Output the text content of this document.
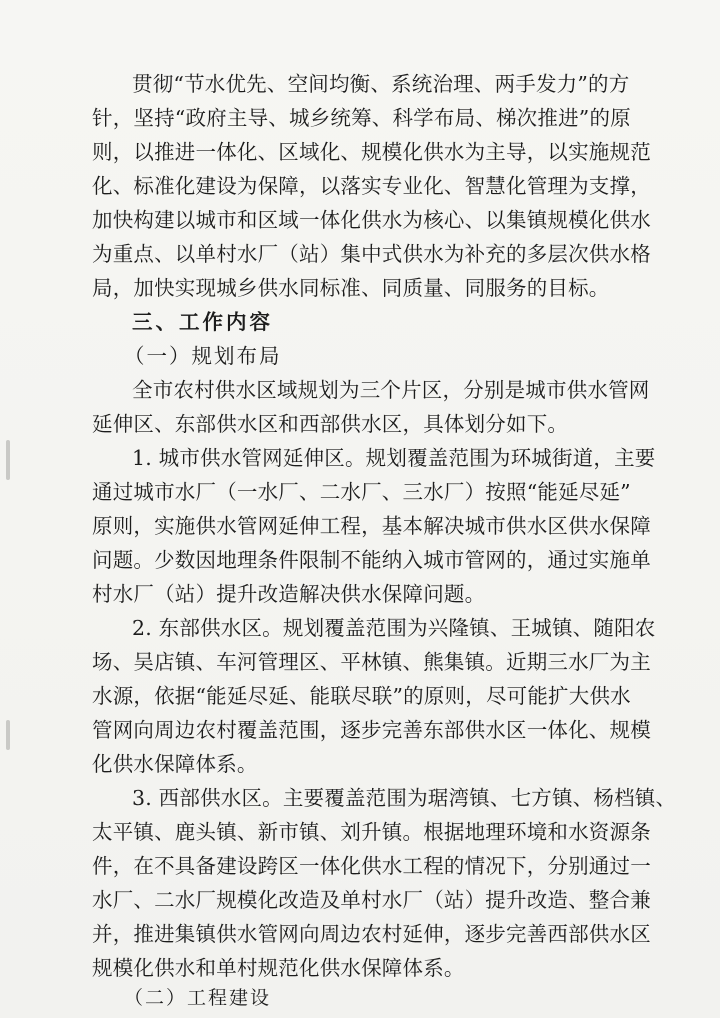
贯彻“节水优先、空间均衡、系统治理、两手发力”的方
针，坚持“政府主导、城乡统筹、科学布局、梯次推进”的原
则，以推进一体化、区域化、规模化供水为主导，以实施规范
化、标准化建设为保障，以落实专业化、智慧化管理为支撑，
加快构建以城市和区域一体化供水为核心、以集镇规模化供水
为重点、以单村水厂（站）集中式供水为补充的多层次供水格
局，加快实现城乡供水同标准、同质量、同服务的目标。
三、工作内容
（一）规划布局
全市农村供水区域规划为三个片区，分别是城市供水管网
延伸区、东部供水区和西部供水区，具体划分如下。
1. 城市供水管网延伸区。规划覆盖范围为环城街道，主要
通过城市水厂（一水厂、二水厂、三水厂）按照“能延尽延”
原则，实施供水管网延伸工程，基本解决城市供水区供水保障
问题。少数因地理条件限制不能纳入城市管网的，通过实施单
村水厂（站）提升改造解决供水保障问题。
2. 东部供水区。规划覆盖范围为兴隆镇、王城镇、随阳农
场、吴店镇、车河管理区、平林镇、熊集镇。近期三水厂为主
水源，依据“能延尽延、能联尽联”的原则，尽可能扩大供水
管网向周边农村覆盖范围，逐步完善东部供水区一体化、规模
化供水保障体系。
3. 西部供水区。主要覆盖范围为琚湾镇、七方镇、杨档镇、
太平镇、鹿头镇、新市镇、刘升镇。根据地理环境和水资源条
件，在不具备建设跨区一体化供水工程的情况下，分别通过一
水厂、二水厂规模化改造及单村水厂（站）提升改造、整合兼
并，推进集镇供水管网向周边农村延伸，逐步完善西部供水区
规模化供水和单村规范化供水保障体系。
（二）工程建设
